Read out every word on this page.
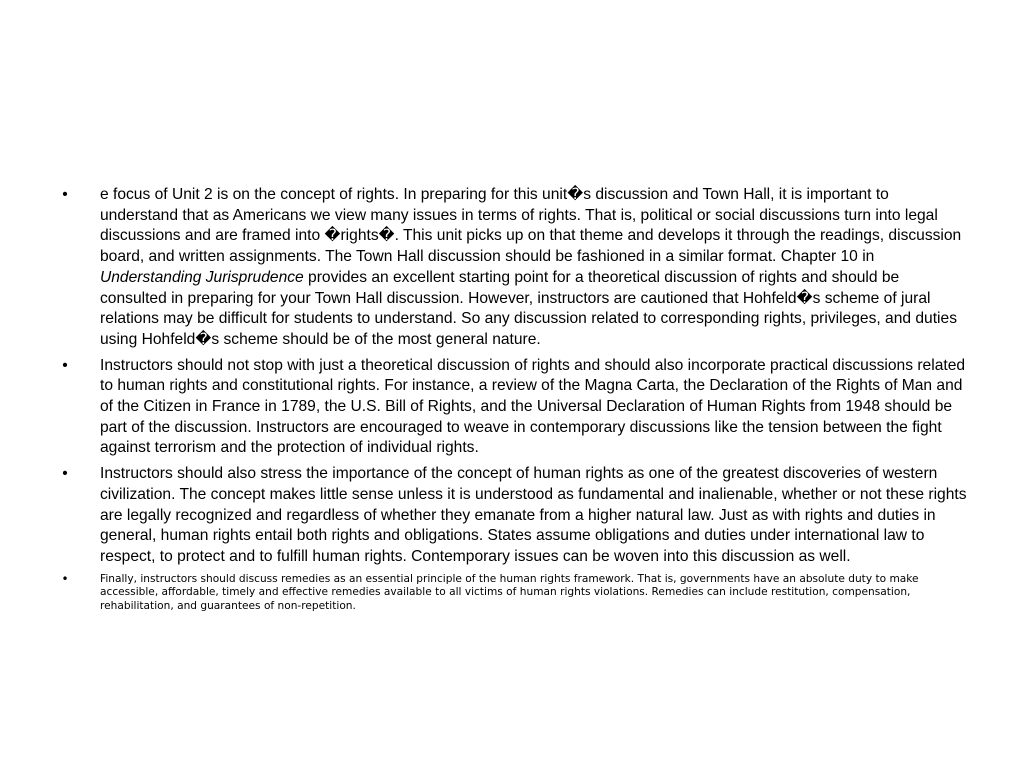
• e focus of Unit 2 is on the concept of rights. In preparing for this unit�s discussion and Town Hall, it is important to understand that as Americans we view many issues in terms of rights. That is, political or social discussions turn into legal discussions and are framed into �rights�. This unit picks up on that theme and develops it through the readings, discussion board, and written assignments. The Town Hall discussion should be fashioned in a similar format. Chapter 10 in Understanding Jurisprudence provides an excellent starting point for a theoretical discussion of rights and should be consulted in preparing for your Town Hall discussion. However, instructors are cautioned that Hohfeld�s scheme of jural relations may be difficult for students to understand. So any discussion related to corresponding rights, privileges, and duties using Hohfeld�s scheme should be of the most general nature.
• Instructors should not stop with just a theoretical discussion of rights and should also incorporate practical discussions related to human rights and constitutional rights. For instance, a review of the Magna Carta, the Declaration of the Rights of Man and of the Citizen in France in 1789, the U.S. Bill of Rights, and the Universal Declaration of Human Rights from 1948 should be part of the discussion. Instructors are encouraged to weave in contemporary discussions like the tension between the fight against terrorism and the protection of individual rights.
• Instructors should also stress the importance of the concept of human rights as one of the greatest discoveries of western civilization. The concept makes little sense unless it is understood as fundamental and inalienable, whether or not these rights are legally recognized and regardless of whether they emanate from a higher natural law. Just as with rights and duties in general, human rights entail both rights and obligations. States assume obligations and duties under international law to respect, to protect and to fulfill human rights. Contemporary issues can be woven into this discussion as well.
•	Finally, instructors should discuss remedies as an essential principle of the human rights framework. That is, governments have an absolute duty to make accessible, affordable, timely and effective remedies available to all victims of human rights violations. Remedies can include restitution, compensation, rehabilitation, and guarantees of non-repetition.
